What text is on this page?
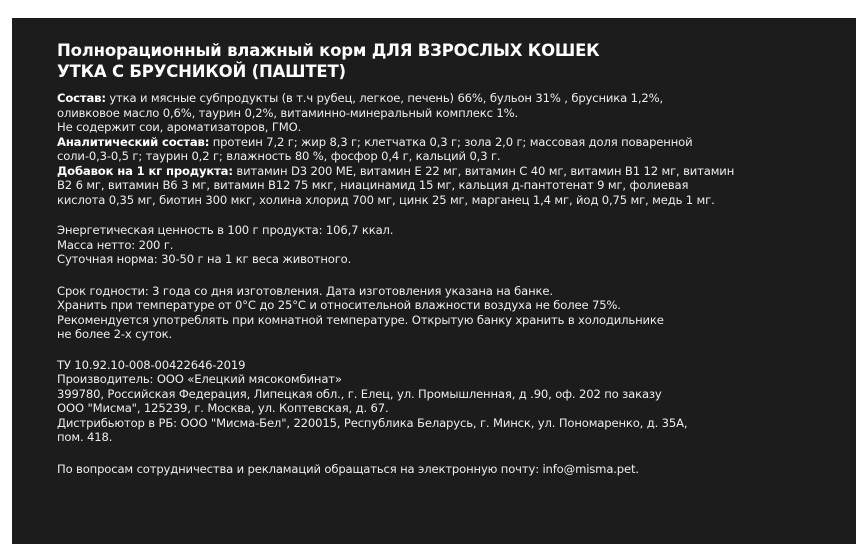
Полнорационный влажный корм ДЛЯ ВЗРОСЛЫХ КОШЕК
УТКА С БРУСНИКОЙ (ПАШТЕТ)

Состав: утка и мясные субпродукты (в т.ч рубец, легкое, печень) 66%, бульон 31% , брусника 1,2%,

оливковое масло 0,6%, таурин 0,2%, витаминно-минеральный комплекс 1%.

Не содержит сои, ароматизаторов, ГМО.

Аналитический состав: протеин 7,2 г; жир 8,3 г; клетчатка 0,3 г; зола 2,0 г; массовая доля поваренной

соли-0,3-0,5 г; таурин 0,2 г; влажность 80 %, фосфор 0,4 г, кальций 0,3 г.

Добавок на 1 кг продукта: витамин D3 200 МЕ, витамин Е 22 мг, витамин С 40 мг, витамин В1 12 мг, витамин

В2 6 мг, витамин В6 3 мг, витамин В12 75 мкг, ниацинамид 15 мг, кальция д-пантотенат 9 мг, фолиевая

кислота 0,35 мг, биотин 300 мкг, холина хлорид 700 мг, цинк 25 мг, марганец 1,4 мг, йод 0,75 мг, медь 1 мг.

Энергетическая ценность в 100 г продукта: 106,7 ккал.

Масса нетто: 200 г.

Суточная норма: 30-50 г на 1 кг веса животного.

Срок годности: 3 года со дня изготовления. Дата изготовления указана на банке.

Хранить при температуре от 0°С до 25°С и относительной влажности воздуха не более 75%.

Рекомендуется употреблять при комнатной температуре. Открытую банку хранить в холодильнике

не более 2-х суток.

ТУ 10.92.10-008-00422646-2019

Производитель: ООО «Елецкий мясокомбинат»

399780, Российская Федерация, Липецкая обл., г. Елец, ул. Промышленная, д .90, оф. 202 по заказу

ООО "Мисма", 125239, г. Москва, ул. Коптевская, д. 67.

Дистрибьютор в РБ: ООО "Мисма-Бел", 220015, Республика Беларусь, г. Минск, ул. Пономаренко, д. 35А,

пом. 418.

По вопросам сотрудничества и рекламаций обращаться на электронную почту: info@misma.pet.
